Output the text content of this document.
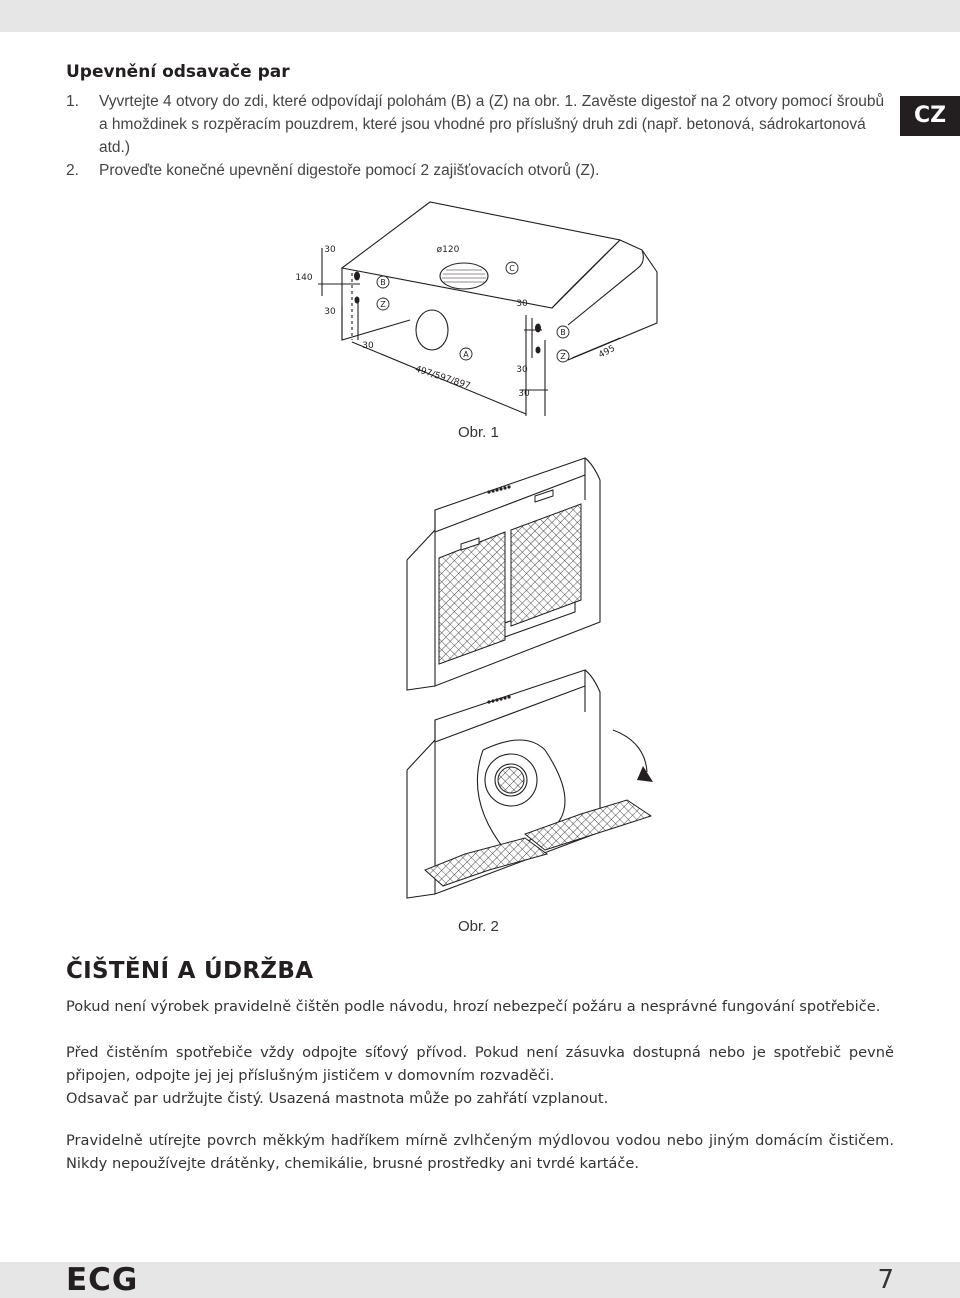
CZ
Upevnění odsavače par
1. Vyvrtejte 4 otvory do zdi, které odpovídají polohám (B) a (Z) na obr. 1. Zavěste digestoř na 2 otvory pomocí šroubů a hmoždinek s rozpěracím pouzdrem, které jsou vhodné pro příslušný druh zdi (např. betonová, sádrokartonová atd.)
2. Proveďte konečné upevnění digestoře pomocí 2 zajišťovacích otvorů (Z).
30	ø120
C
140	B
Z
30
30
30
A
B
Z
30
30
497/597/897
495
Obr. 1
Obr. 2
ČIŠTĚNÍ A ÚDRŽBA

Pokud není výrobek pravidelně čištěn podle návodu, hrozí nebezpečí požáru a nesprávné fungování spotřebiče.

Před čistěním spotřebiče vždy odpojte síťový přívod. Pokud není zásuvka dostupná nebo je spotřebič pevně připojen, odpojte jej jej příslušným jističem v domovním rozvaděči.

Odsavač par udržujte čistý. Usazená mastnota může po zahřátí vzplanout.

Pravidelně utírejte povrch měkkým hadříkem mírně zvlhčeným mýdlovou vodou nebo jiným domácím čističem. Nikdy nepoužívejte drátěnky, chemikálie, brusné prostředky ani tvrdé kartáče.

ECG	7
